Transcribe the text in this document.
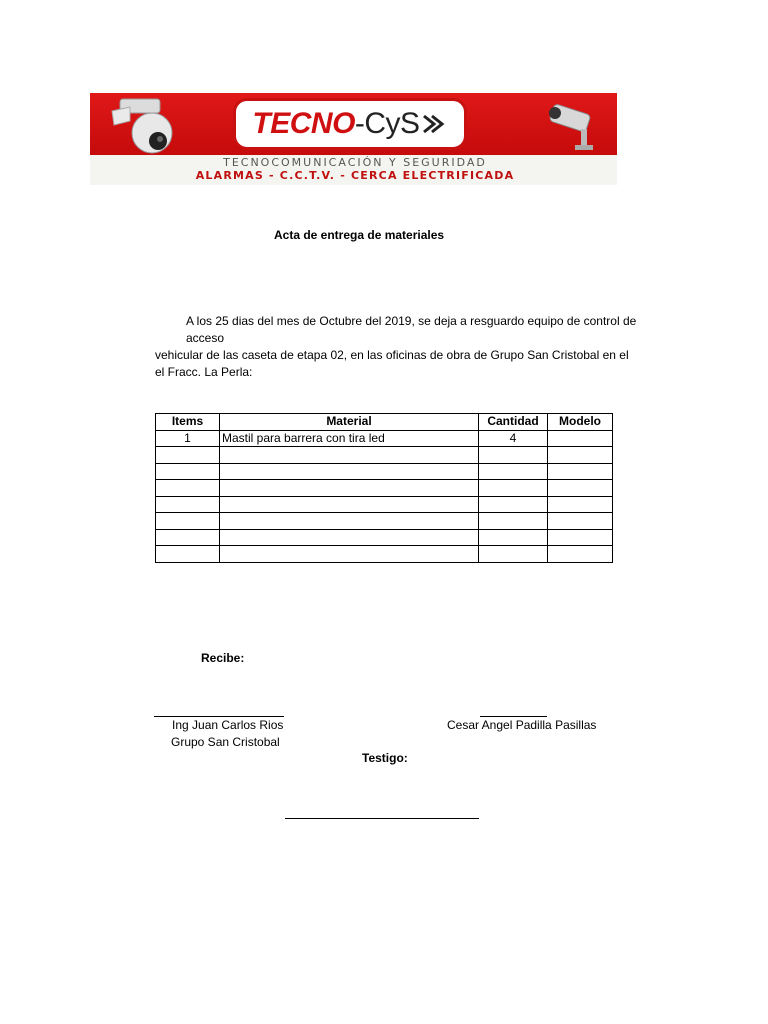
TECNO -CyS
TECNOCOMUNICACIÓN Y SEGURIDAD
ALARMAS - C.C.T.V. - CERCA ELECTRIFICADA
Acta de entrega de materiales
A los 25 dias del mes de Octubre del 2019, se deja a resguardo equipo de control de acceso
vehicular de las caseta de etapa 02, en las oficinas de obra de Grupo San Cristobal en el
el Fracc. La Perla:
Items	Material	Cantidad	Modelo
1	Mastil para barrera con tira led	4	

Recibe:
Ing Juan Carlos Rios
Grupo San Cristobal
Cesar Angel Padilla Pasillas
Testigo:
